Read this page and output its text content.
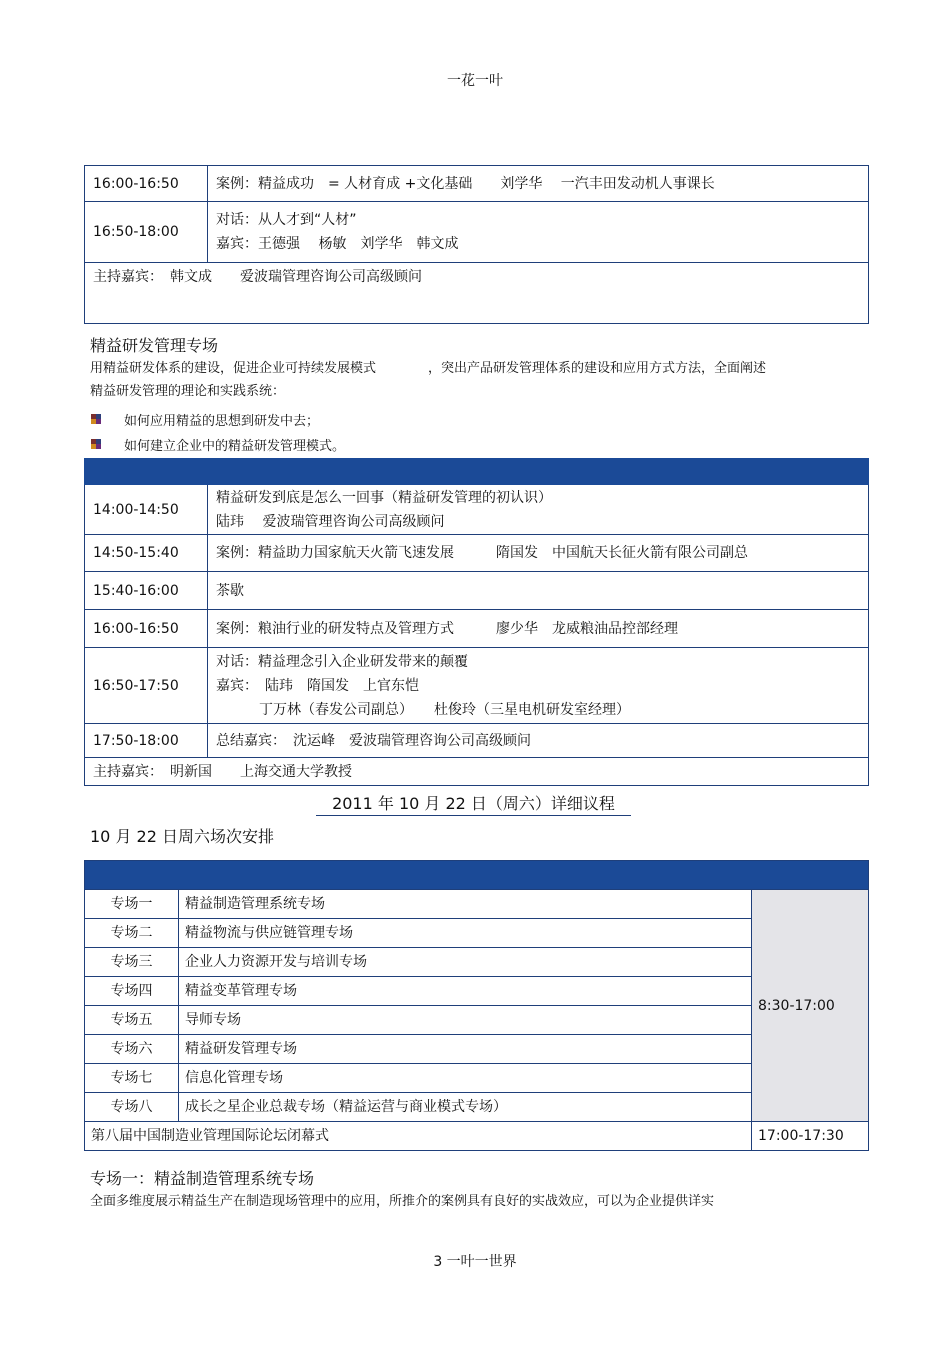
一花一叶
16:00-16:50	案例：精益成功　= 人材育成 +文化基础　　刘学华　 一汽丰田发动机人事课长

16:50-18:00	对话：从人才到“人材”
嘉宾：王德强　 杨敏　刘学华　韩文成

主持嘉宾：　韩文成　　爱波瑞管理咨询公司高级顾问	
精益研发管理专场
用精益研发体系的建设，促进企业可持续发展模式　　　　，突出产品研发管理体系的建设和应用方式方法，全面阐述
精益研发管理的理论和实践系统：
如何应用精益的思想到研发中去；
如何建立企业中的精益研发管理模式。

14:00-14:50	精益研发到底是怎么一回事（精益研发管理的初认识）
陆玮　 爱波瑞管理咨询公司高级顾问

14:50-15:40	案例：精益助力国家航天火箭飞速发展　　　隋国发　中国航天长征火箭有限公司副总

15:40-16:00	茶歇

16:00-16:50	案例：粮油行业的研发特点及管理方式　　　廖少华　龙威粮油品控部经理

16:50-17:50	对话：精益理念引入企业研发带来的颠覆
嘉宾：　陆玮　隋国发　上官东恺
丁万林（春发公司副总）　　杜俊玲（三星电机研发室经理）

17:50-18:00	总结嘉宾：　沈运峰　爱波瑞管理咨询公司高级顾问

主持嘉宾：　明新国　　上海交通大学教授	
2011 年 10 月 22 日（周六）详细议程
10 月 22 日周六场次安排

专场一	精益制造管理系统专场	8:30-17:00
专场二	精益物流与供应链管理专场	
专场三	企业人力资源开发与培训专场	
专场四	精益变革管理专场	
专场五	导师专场	
专场六	精益研发管理专场	
专场七	信息化管理专场	
专场八	成长之星企业总裁专场（精益运营与商业模式专场）	
第八届中国制造业管理国际论坛闭幕式		17:00-17:30
专场一：精益制造管理系统专场
全面多维度展示精益生产在制造现场管理中的应用，所推介的案例具有良好的实战效应，可以为企业提供详实
3 一叶一世界
